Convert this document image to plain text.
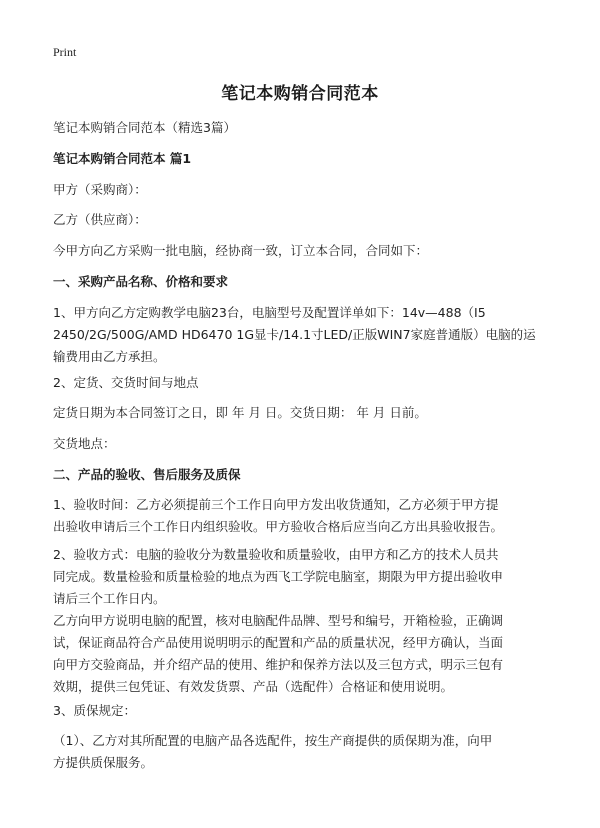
Print
笔记本购销合同范本
笔记本购销合同范本（精选3篇）
笔记本购销合同范本 篇1
甲方（采购商）：
乙方（供应商）：
今甲方向乙方采购一批电脑，经协商一致，订立本合同，合同如下：
一、采购产品名称、价格和要求
1、甲方向乙方定购教学电脑23台，电脑型号及配置详单如下：14v—488（I5
2450/2G/500G/AMD HD6470 1G显卡/14.1寸LED/正版WIN7家庭普通版）电脑的运
输费用由乙方承担。
2、定货、交货时间与地点
定货日期为本合同签订之日，即 年 月 日。交货日期： 年 月 日前。
交货地点：
二、产品的验收、售后服务及质保
1、验收时间：乙方必须提前三个工作日向甲方发出收货通知，乙方必须于甲方提
出验收申请后三个工作日内组织验收。甲方验收合格后应当向乙方出具验收报告。
2、验收方式：电脑的验收分为数量验收和质量验收，由甲方和乙方的技术人员共
同完成。数量检验和质量检验的地点为西飞工学院电脑室，期限为甲方提出验收申
请后三个工作日内。
乙方向甲方说明电脑的配置，核对电脑配件品牌、型号和编号，开箱检验，正确调
试，保证商品符合产品使用说明明示的配置和产品的质量状况，经甲方确认，当面
向甲方交验商品，并介绍产品的使用、维护和保养方法以及三包方式，明示三包有
效期，提供三包凭证、有效发货票、产品（选配件）合格证和使用说明。
3、质保规定：
（1）、乙方对其所配置的电脑产品各选配件，按生产商提供的质保期为准，向甲
方提供质保服务。
